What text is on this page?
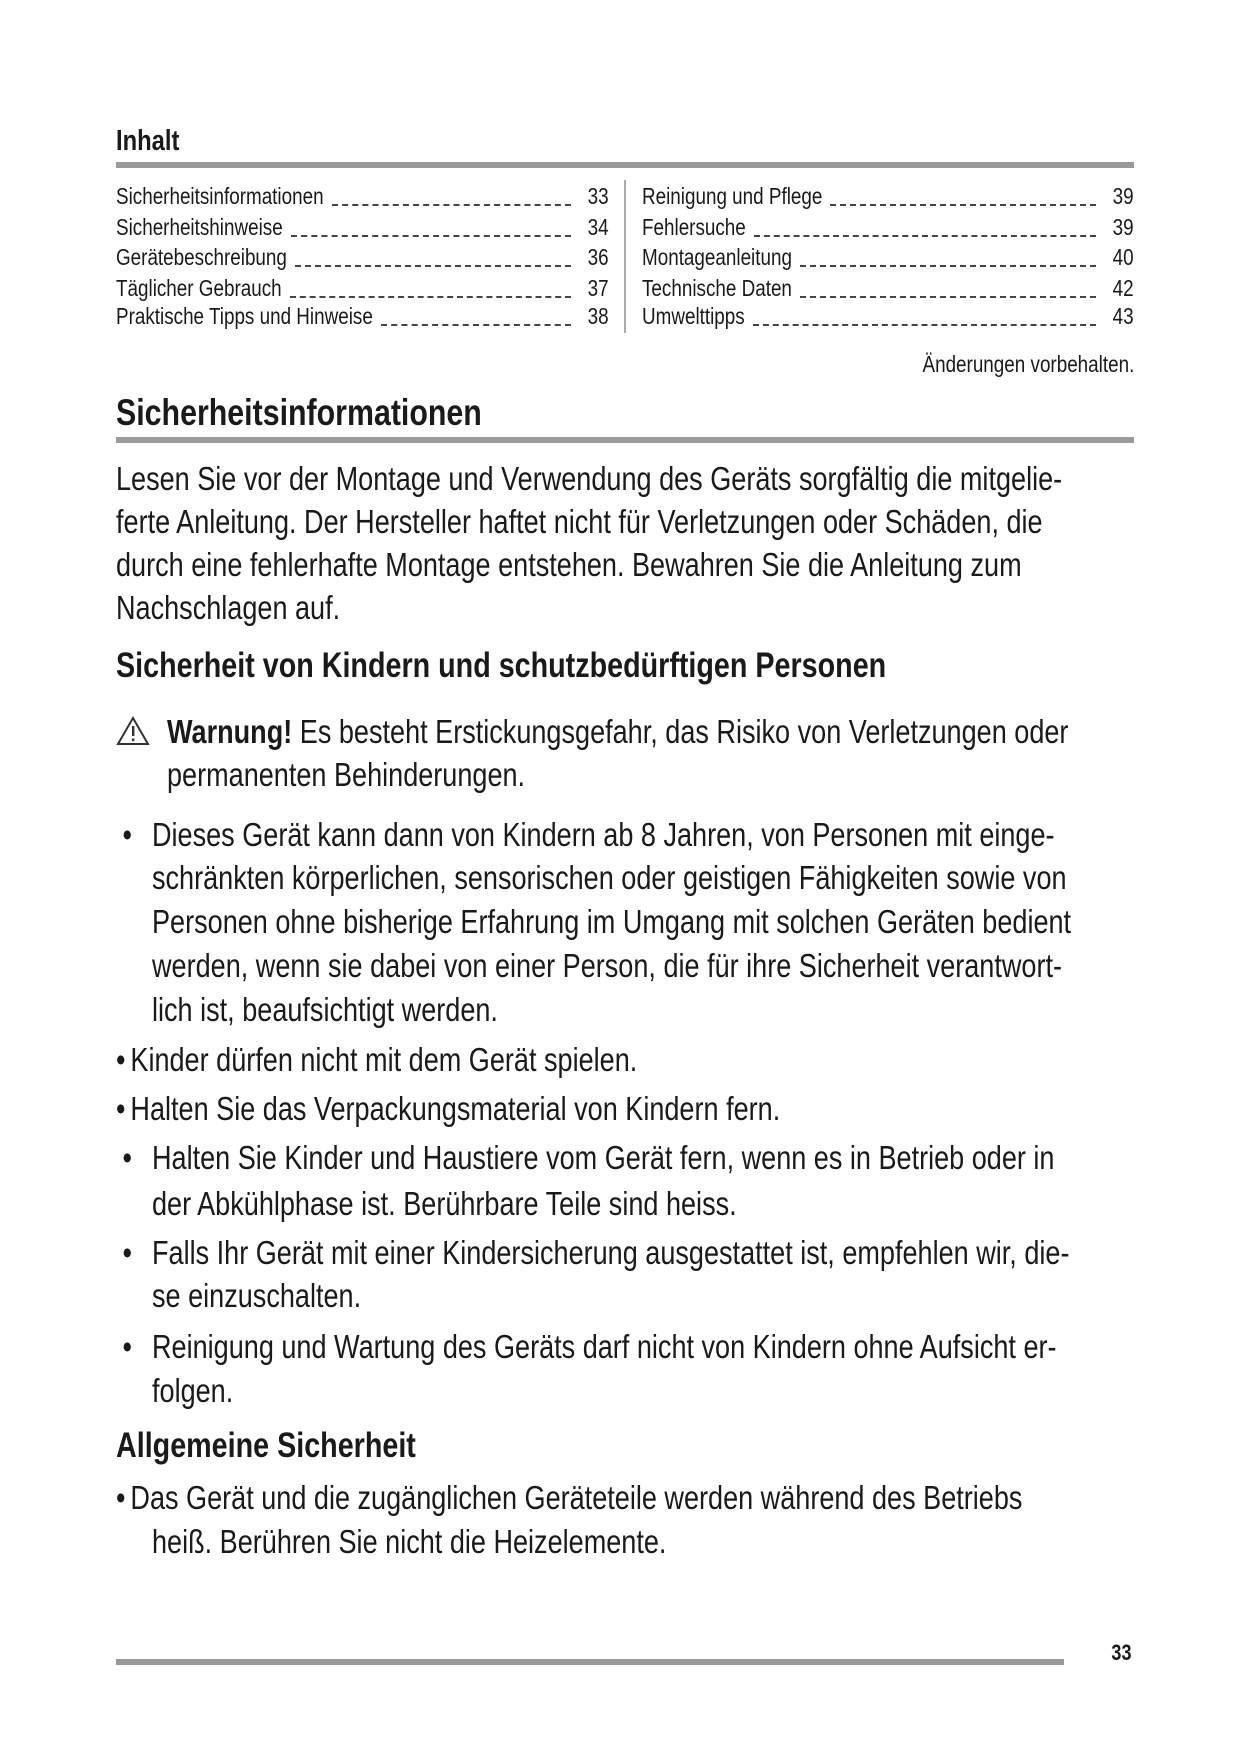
Inhalt
Sicherheitsinformationen	33
Sicherheitshinweise	34
Gerätebeschreibung	36
Täglicher Gebrauch	37
Praktische Tipps und Hinweise	38
Reinigung und Pflege	39
Fehlersuche	39
Montageanleitung	40
Technische Daten	42
Umwelttipps	43
Änderungen vorbehalten.
Sicherheitsinformationen
Lesen Sie vor der Montage und Verwendung des Geräts sorgfältig die mitgelie-
ferte Anleitung. Der Hersteller haftet nicht für Verletzungen oder Schäden, die
durch eine fehlerhafte Montage entstehen. Bewahren Sie die Anleitung zum
Nachschlagen auf.
Sicherheit von Kindern und schutzbedürftigen Personen
Warnung! Es besteht Erstickungsgefahr, das Risiko von Verletzungen oder
permanenten Behinderungen.
• Dieses Gerät kann dann von Kindern ab 8 Jahren, von Personen mit einge-
schränkten körperlichen, sensorischen oder geistigen Fähigkeiten sowie von
Personen ohne bisherige Erfahrung im Umgang mit solchen Geräten bedient
werden, wenn sie dabei von einer Person, die für ihre Sicherheit verantwort-
lich ist, beaufsichtigt werden.
• Kinder dürfen nicht mit dem Gerät spielen.
• Halten Sie das Verpackungsmaterial von Kindern fern.
• Halten Sie Kinder und Haustiere vom Gerät fern, wenn es in Betrieb oder in
der Abkühlphase ist. Berührbare Teile sind heiss.
• Falls Ihr Gerät mit einer Kindersicherung ausgestattet ist, empfehlen wir, die-
se einzuschalten.
• Reinigung und Wartung des Geräts darf nicht von Kindern ohne Aufsicht er-
folgen.
Allgemeine Sicherheit
• Das Gerät und die zugänglichen Geräteteile werden während des Betriebs
heiß. Berühren Sie nicht die Heizelemente.
33
